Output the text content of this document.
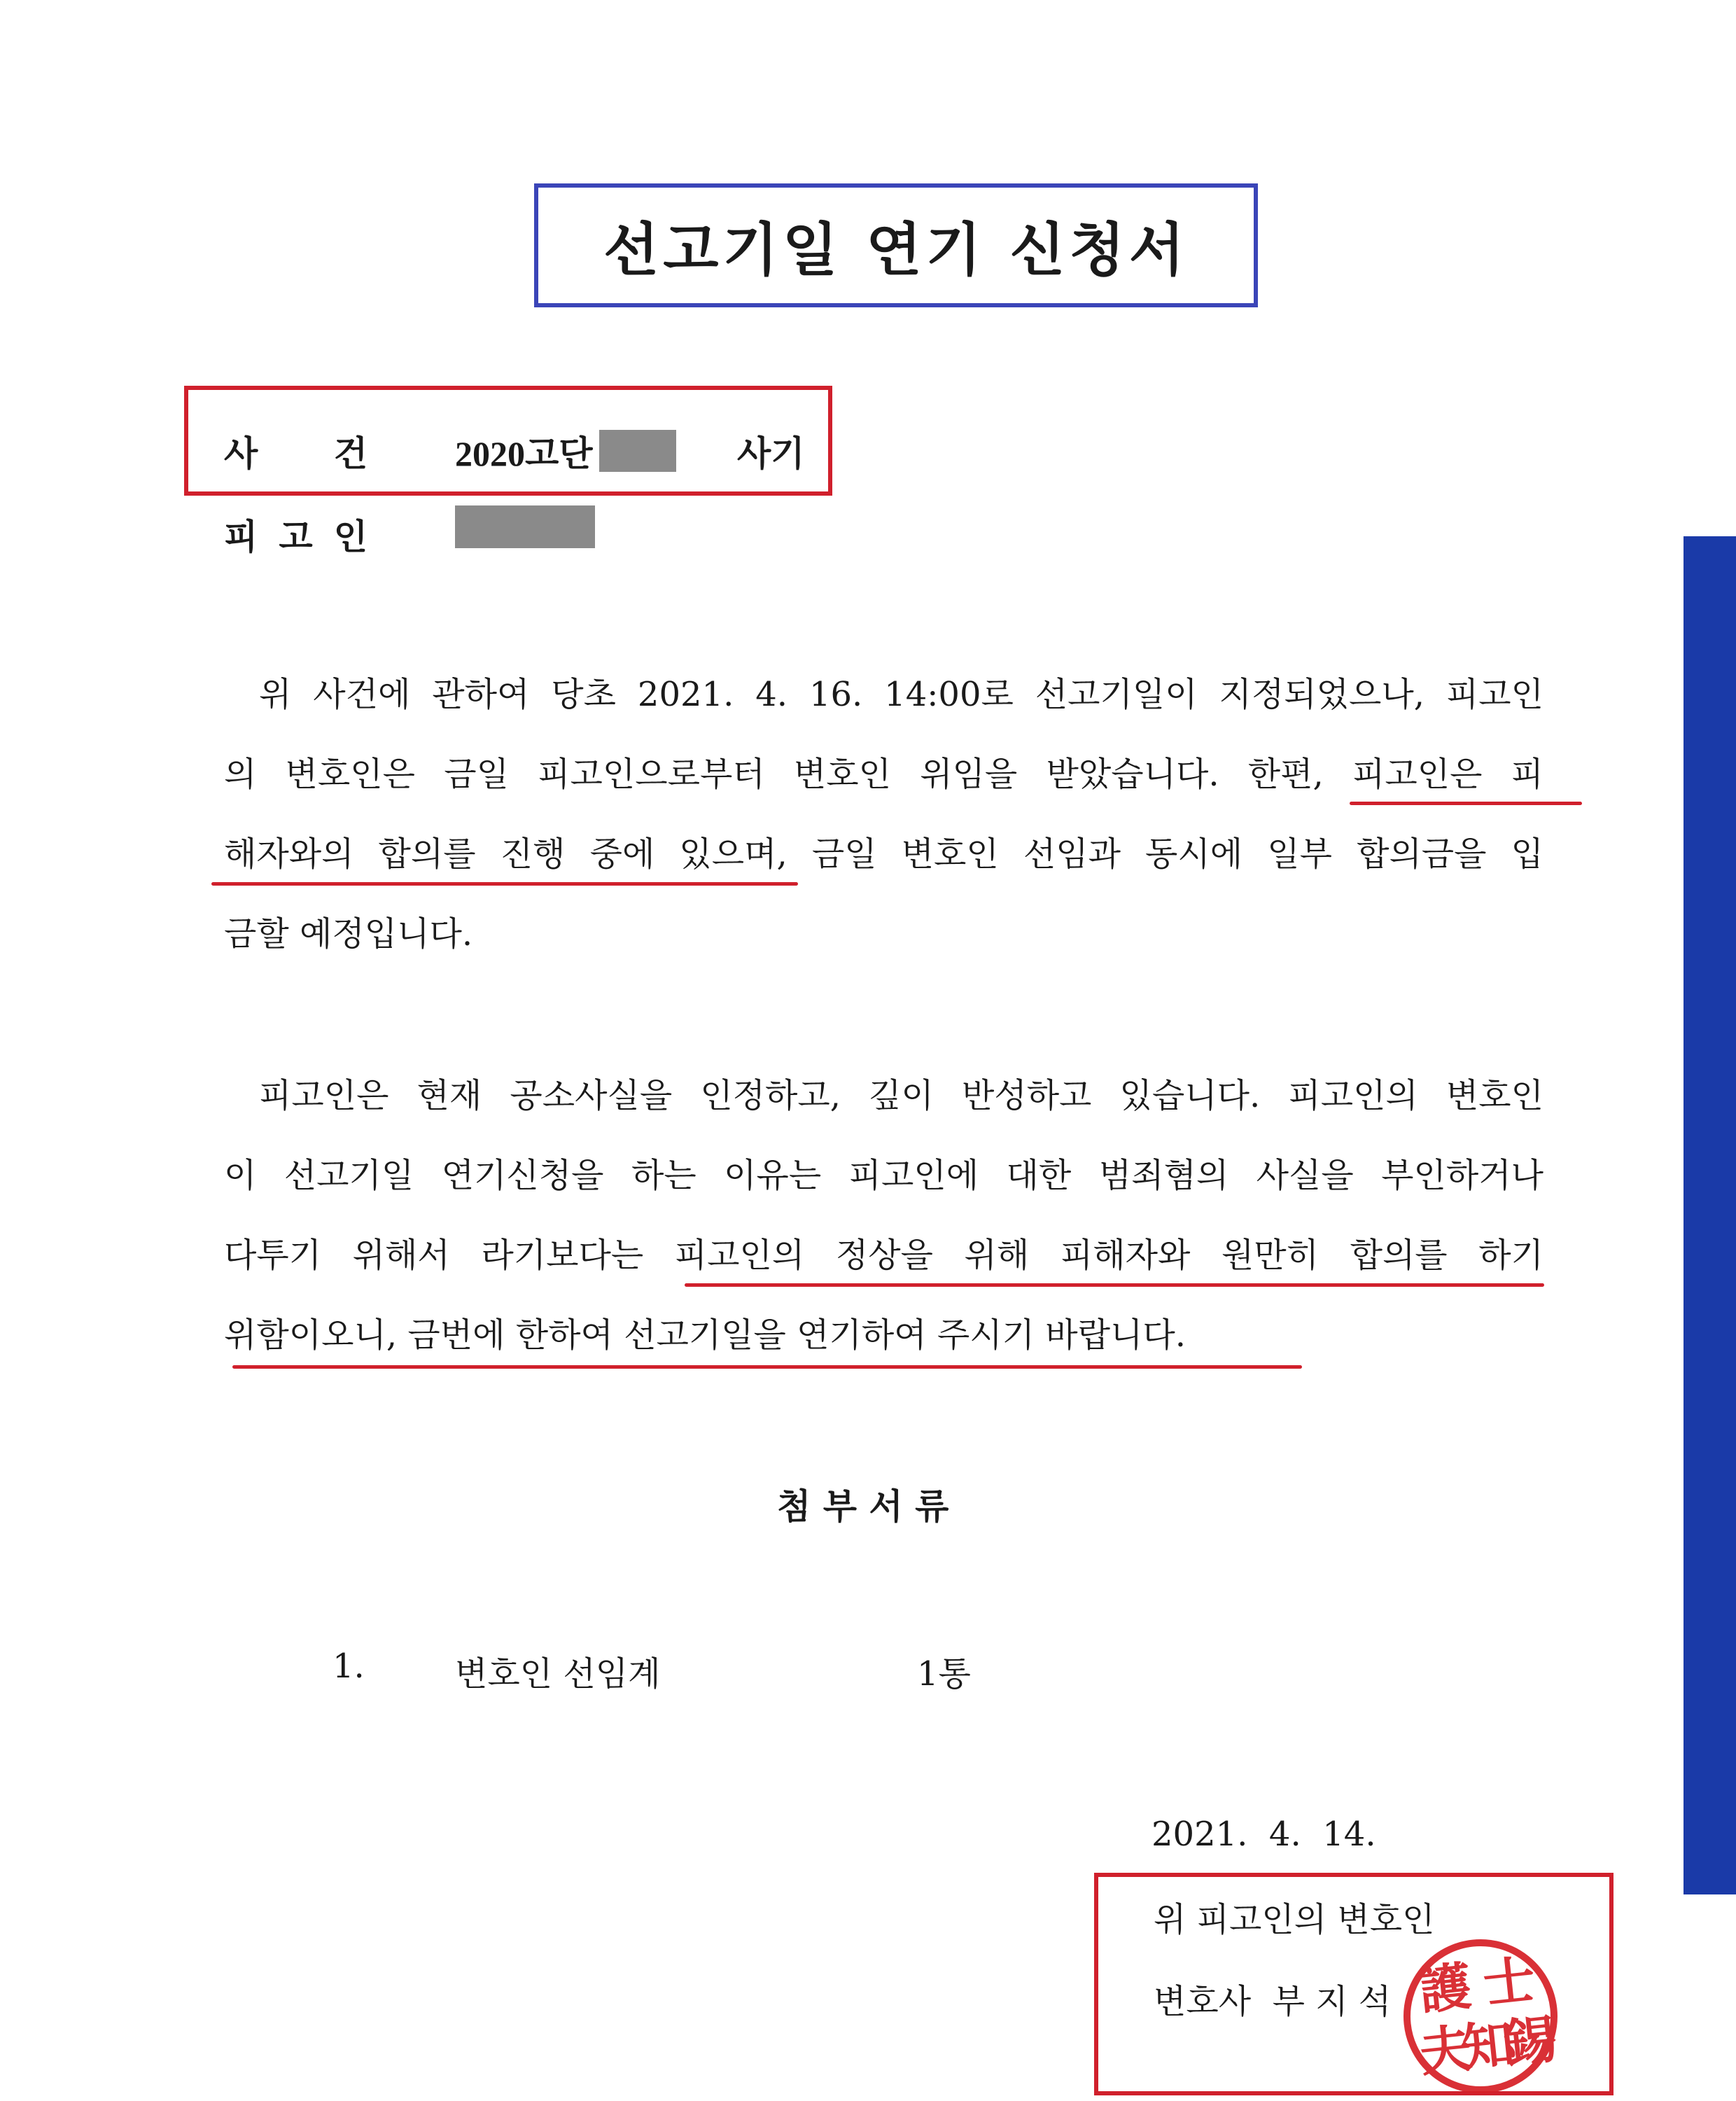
선고기일 연기 신청서
사 건	2020고단	사기
피 고 인
위 사건에 관하여 당초 2021. 4. 16. 14:00로 선고기일이 지정되었으나, 피고인
의 변호인은 금일 피고인으로부터 변호인 위임을 받았습니다. 한편, 피고인은 피
해자와의 합의를 진행 중에 있으며, 금일 변호인 선임과 동시에 일부 합의금을 입
금할 예정입니다.
피고인은 현재 공소사실을 인정하고, 깊이 반성하고 있습니다. 피고인의 변호인
이 선고기일 연기신청을 하는 이유는 피고인에 대한 범죄혐의 사실을 부인하거나
다투기 위해서 라기보다는 피고인의 정상을 위해 피해자와 원만히 합의를 하기
위함이오니, 금번에 한하여 선고기일을 연기하여 주시기 바랍니다.
첨 부 서 류
1.	변호인 선임계	1통
2021.  4.  14.
위 피고인의 변호인
변호사  부 지 석 護 士
夫
知
錫
